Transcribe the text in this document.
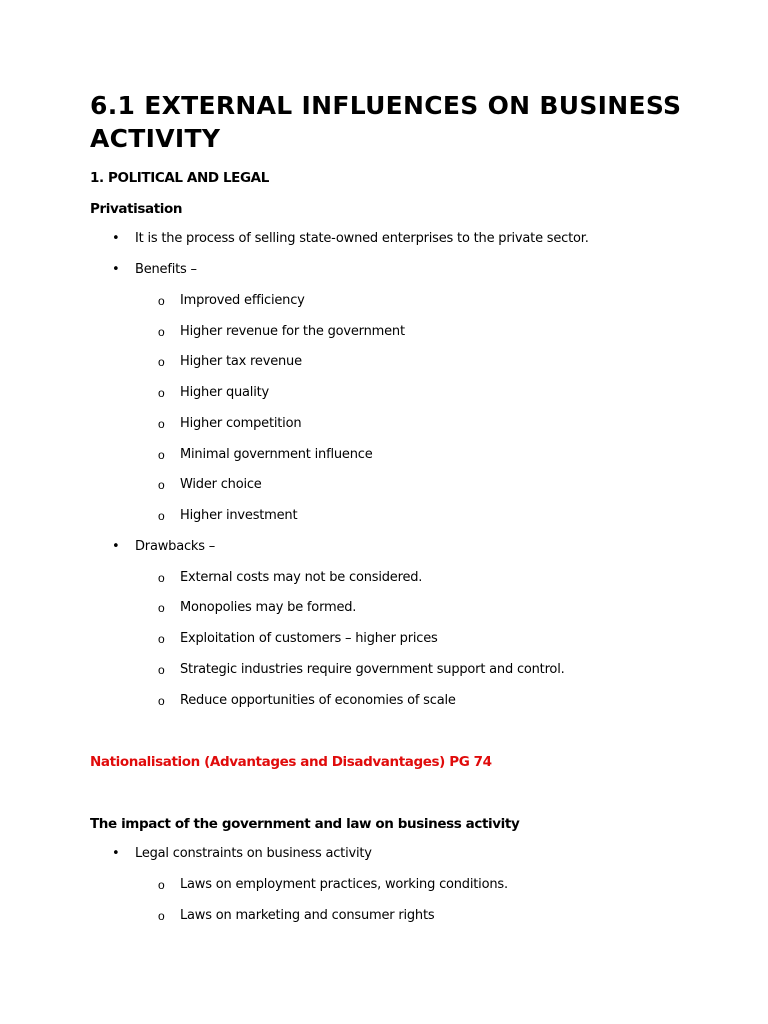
6.1 EXTERNAL INFLUENCES ON BUSINESS ACTIVITY
1. POLITICAL AND LEGAL
Privatisation
• It is the process of selling state-owned enterprises to the private sector.
• Benefits –
o Improved efficiency
o Higher revenue for the government
o Higher tax revenue
o Higher quality
o Higher competition
o Minimal government influence
o Wider choice
o Higher investment
• Drawbacks –
o External costs may not be considered.
o Monopolies may be formed.
o Exploitation of customers – higher prices
o Strategic industries require government support and control.
o Reduce opportunities of economies of scale
Nationalisation (Advantages and Disadvantages) PG 74
The impact of the government and law on business activity
• Legal constraints on business activity
o Laws on employment practices, working conditions.
o Laws on marketing and consumer rights
